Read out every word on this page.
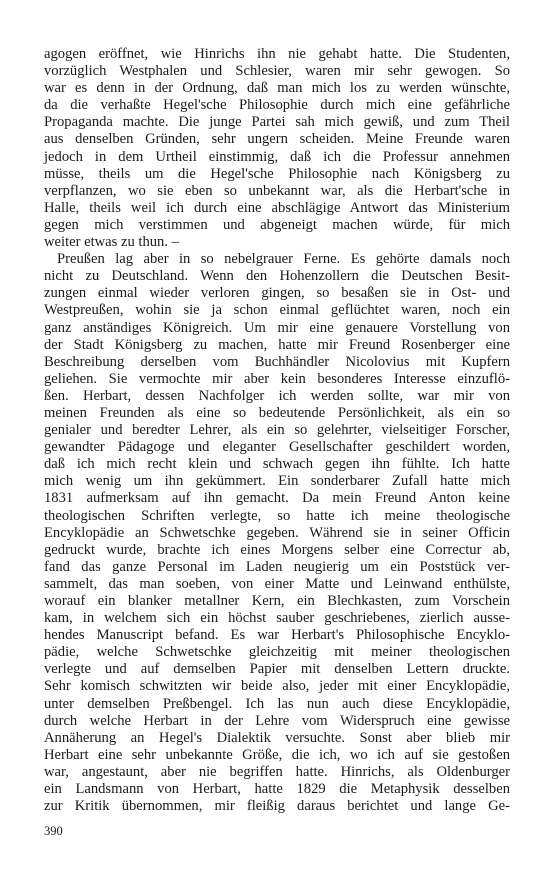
agogen eröffnet, wie Hinrichs ihn nie gehabt hatte. Die Studenten,
vorzüglich Westphalen und Schlesier, waren mir sehr gewogen. So
war es denn in der Ordnung, daß man mich los zu werden wünschte,
da die verhaßte Hegel'sche Philosophie durch mich eine gefährliche
Propaganda machte. Die junge Partei sah mich gewiß, und zum Theil
aus denselben Gründen, sehr ungern scheiden. Meine Freunde waren
jedoch in dem Urtheil einstimmig, daß ich die Professur annehmen
müsse, theils um die Hegel'sche Philosophie nach Königsberg zu
verpflanzen, wo sie eben so unbekannt war, als die Herbart'sche in
Halle, theils weil ich durch eine abschlägige Antwort das Ministerium
gegen mich verstimmen und abgeneigt machen würde, für mich
weiter etwas zu thun. –
Preußen lag aber in so nebelgrauer Ferne. Es gehörte damals noch
nicht zu Deutschland. Wenn den Hohenzollern die Deutschen Besit-
zungen einmal wieder verloren gingen, so besaßen sie in Ost- und
Westpreußen, wohin sie ja schon einmal geflüchtet waren, noch ein
ganz anständiges Königreich. Um mir eine genauere Vorstellung von
der Stadt Königsberg zu machen, hatte mir Freund Rosenberger eine
Beschreibung derselben vom Buchhändler Nicolovius mit Kupfern
geliehen. Sie vermochte mir aber kein besonderes Interesse einzuflö-
ßen. Herbart, dessen Nachfolger ich werden sollte, war mir von
meinen Freunden als eine so bedeutende Persönlichkeit, als ein so
genialer und beredter Lehrer, als ein so gelehrter, vielseitiger Forscher,
gewandter Pädagoge und eleganter Gesellschafter geschildert worden,
daß ich mich recht klein und schwach gegen ihn fühlte. Ich hatte
mich wenig um ihn gekümmert. Ein sonderbarer Zufall hatte mich
1831 aufmerksam auf ihn gemacht. Da mein Freund Anton keine
theologischen Schriften verlegte, so hatte ich meine theologische
Encyklopädie an Schwetschke gegeben. Während sie in seiner Officin
gedruckt wurde, brachte ich eines Morgens selber eine Correctur ab,
fand das ganze Personal im Laden neugierig um ein Poststück ver-
sammelt, das man soeben, von einer Matte und Leinwand enthülste,
worauf ein blanker metallner Kern, ein Blechkasten, zum Vorschein
kam, in welchem sich ein höchst sauber geschriebenes, zierlich ausse-
hendes Manuscript befand. Es war Herbart's Philosophische Encyklo-
pädie, welche Schwetschke gleichzeitig mit meiner theologischen
verlegte und auf demselben Papier mit denselben Lettern druckte.
Sehr komisch schwitzten wir beide also, jeder mit einer Encyklopädie,
unter demselben Preßbengel. Ich las nun auch diese Encyklopädie,
durch welche Herbart in der Lehre vom Widerspruch eine gewisse
Annäherung an Hegel's Dialektik versuchte. Sonst aber blieb mir
Herbart eine sehr unbekannte Größe, die ich, wo ich auf sie gestoßen
war, angestaunt, aber nie begriffen hatte. Hinrichs, als Oldenburger
ein Landsmann von Herbart, hatte 1829 die Metaphysik desselben
zur Kritik übernommen, mir fleißig daraus berichtet und lange Ge-
390
